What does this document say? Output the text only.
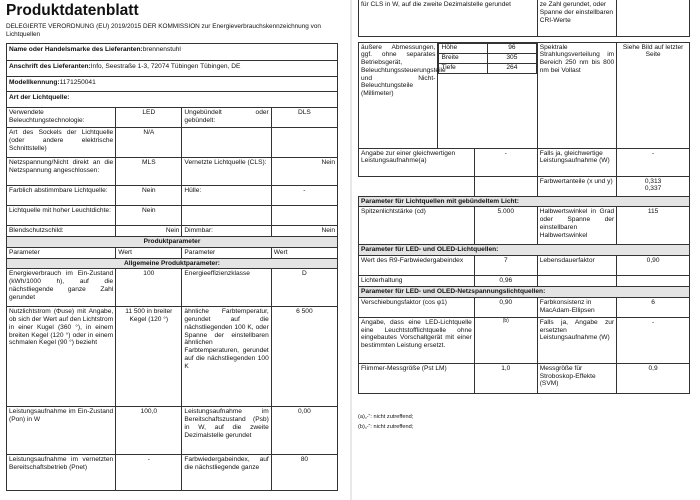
Produktdatenblatt
DELEGIERTE VERORDNUNG (EU) 2019/2015 DER KOMMISSION zur Energieverbrauchskennzeichnung von Lichtquellen
Name oder Handelsmarke des Lieferanten: brennenstuhl
Anschrift des Lieferanten: Info, Seestraße 1-3, 72074 Tübingen Tübingen, DE
Modellkennung: 1171250041
Art der Lichtquelle:
Verwendete Beleuchtungstechnologie:	LED	Ungebündelt oder gebündelt:	DLS
Art des Sockels der Lichtquelle (oder andere elektrische Schnittstelle)	N/A		
Netzspannung/Nicht direkt an die Netzspannung angeschlossen:	MLS	Vernetzte Lichtquelle (CLS):	Nein
Farblich abstimmbare Lichtquelle:	Nein	Hülle:	-
Lichtquelle mit hoher Leuchtdichte:	Nein		
Blendschutzschild:	Nein	Dimmbar:	Nein
Produktparameter			
Parameter	Wert	Parameter	Wert
Allgemeine Produktparameter:			
Energieverbrauch im Ein-Zustand (kWh/1000 h), auf die nächstliegende ganze Zahl gerundet	100	Energieeffizienzklasse	D
Nutzlichtstrom (Φuse) mit Angabe, ob sich der Wert auf den Lichtstrom in einer Kugel (360 °), in einem breiten Kegel (120 °) oder in einem schmalen Kegel (90 °) bezieht	11 500 in breiter Kegel (120 °)	ähnliche Farbtemperatur, gerundet auf die nächstliegenden 100 K, oder Spanne der einstellbaren ähnlichen Farbtemperaturen, gerundet auf die nächstliegenden 100 K	6 500
Leistungsaufnahme im Ein-Zustand (Pon) in W	100,0	Leistungsaufnahme im Bereitschaftszustand (Psb) in W, auf die zweite Dezimalstelle gerundet	0,00
Leistungsaufnahme im vernetzten Bereitschaftsbetrieb (Pnet)	-	Farbwiedergabeindex, auf die nächstliegende ganze	80
für CLS in W, auf die zweite Dezimalstelle gerundet	ze Zahl gerundet, oder Spanne der einstellbaren CRI-Werte	

äußere Abmessungen, ggf. ohne separates Betriebsgerät, Beleuchtungssteuerungsteile und Nicht-Beleuchtungsteile (Millimeter)	
Höhe	96
Breite	305
Tiefe	264
	Spektrale Strahlungsverteilung im Bereich 250 nm bis 800 nm bei Vollast	Siehe Bild auf letzter Seite
Angabe zur einer gleichwertigen Leistungsaufnahme(a)	-	Falls ja, gleichwertige Leistungsaufnahme (W)	-
		Farbwertanteile (x und y)	0,313
0,337

Parameter für Lichtquellen mit gebündeltem Licht:
Spitzenlichtstärke (cd)	5.000	Halbwertswinkel in Grad oder Spanne der einstellbaren Halbwertswinkel	115
Parameter für LED- und OLED-Lichtquellen:
Wert des R9-Farbwiedergabeindex	7	Lebensdauerfaktor	0,90
Lichterhaltung	0,96		
Parameter für LED- und OLED-Netzspannungslichtquellen:
Verschiebungsfaktor (cos φ1)	0,90	Farbkonsistenz in MacAdam-Ellipsen	6
Angabe, dass eine LED-Lichtquelle eine Leuchtstofflichtquelle ohne eingebautes Vorschaltgerät mit einer bestimmten Leistung ersetzt.	(b)	Falls ja, Angabe zur ersetzten Leistungsaufnahme (W)	-
Flimmer-Messgröße (Pst LM)	1,0	Messgröße für Stroboskop-Effekte (SVM)	0,9
(a)„-“: nicht zutreffend;
(b)„-“: nicht zutreffend;
